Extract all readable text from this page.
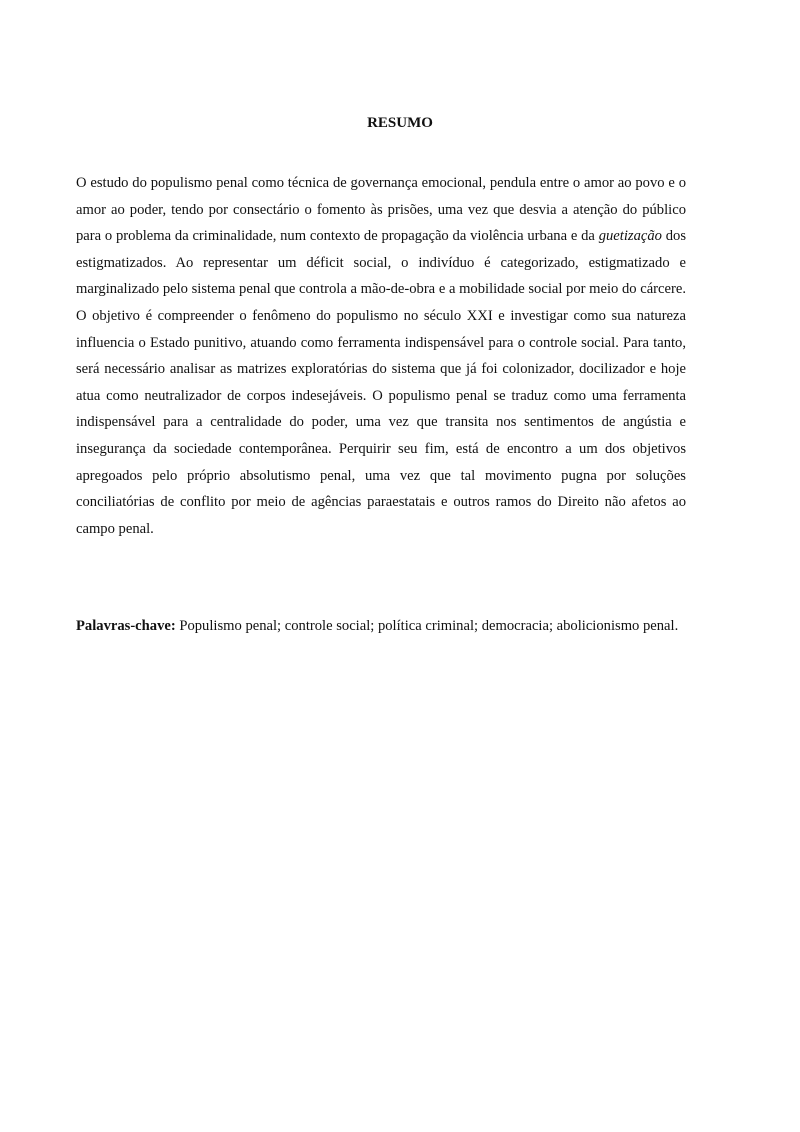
RESUMO

O estudo do populismo penal como técnica de governança emocional, pendula entre o amor ao povo e o amor ao poder, tendo por consectário o fomento às prisões, uma vez que desvia a atenção do público para o problema da criminalidade, num contexto de propagação da violência urbana e da guetização dos estigmatizados. Ao representar um déficit social, o indivíduo é categorizado, estigmatizado e marginalizado pelo sistema penal que controla a mão-de-obra e a mobilidade social por meio do cárcere. O objetivo é compreender o fenômeno do populismo no século XXI e investigar como sua natureza influencia o Estado punitivo, atuando como ferramenta indispensável para o controle social. Para tanto, será necessário analisar as matrizes exploratórias do sistema que já foi colonizador, docilizador e hoje atua como neutralizador de corpos indesejáveis. O populismo penal se traduz como uma ferramenta indispensável para a centralidade do poder, uma vez que transita nos sentimentos de angústia e insegurança da sociedade contemporânea. Perquirir seu fim, está de encontro a um dos objetivos apregoados pelo próprio absolutismo penal, uma vez que tal movimento pugna por soluções conciliatórias de conflito por meio de agências paraestatais e outros ramos do Direito não afetos ao campo penal.

Palavras-chave: Populismo penal; controle social; política criminal; democracia; abolicionismo penal.
